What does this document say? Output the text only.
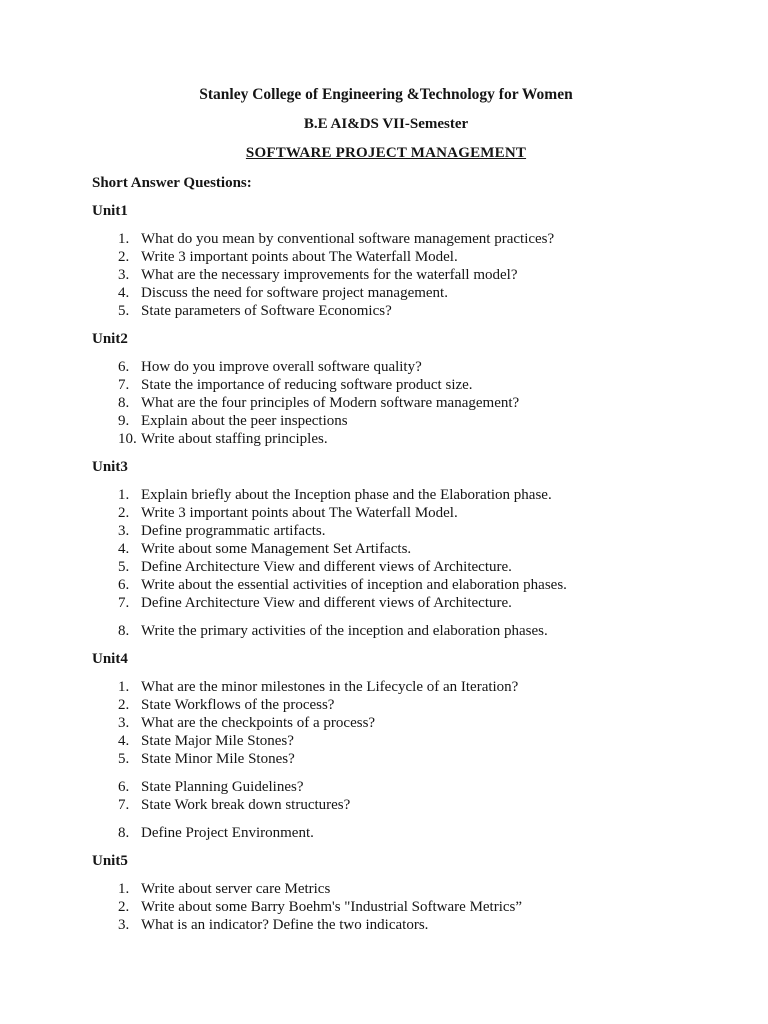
Stanley College of Engineering &Technology for Women
B.E AI&DS VII-Semester
SOFTWARE PROJECT MANAGEMENT
Short Answer Questions:
Unit1
1. What do you mean by conventional software management practices?
2. Write 3 important points about The Waterfall Model.
3. What are the necessary improvements for the waterfall model?
4. Discuss the need for software project management.
5. State parameters of Software Economics?
Unit2
6. How do you improve overall software quality?
7. State the importance of reducing software product size.
8. What are the four principles of Modern software management?
9. Explain about the peer inspections
10. Write about staffing principles.
Unit3
1. Explain briefly about the Inception phase and the Elaboration phase.
2. Write 3 important points about The Waterfall Model.
3. Define programmatic artifacts.
4. Write about some Management Set Artifacts.
5. Define Architecture View and different views of Architecture.
6. Write about the essential activities of inception and elaboration phases.
7. Define Architecture View and different views of Architecture.
8. Write the primary activities of the inception and elaboration phases.
Unit4
1. What are the minor milestones in the Lifecycle of an Iteration?
2. State Workflows of the process?
3. What are the checkpoints of a process?
4. State Major Mile Stones?
5. State Minor Mile Stones?
6. State Planning Guidelines?
7. State Work break down structures?
8. Define Project Environment.
Unit5
1. Write about server care Metrics
2. Write about some Barry Boehm's "Industrial Software Metrics”
3. What is an indicator? Define the two indicators.
